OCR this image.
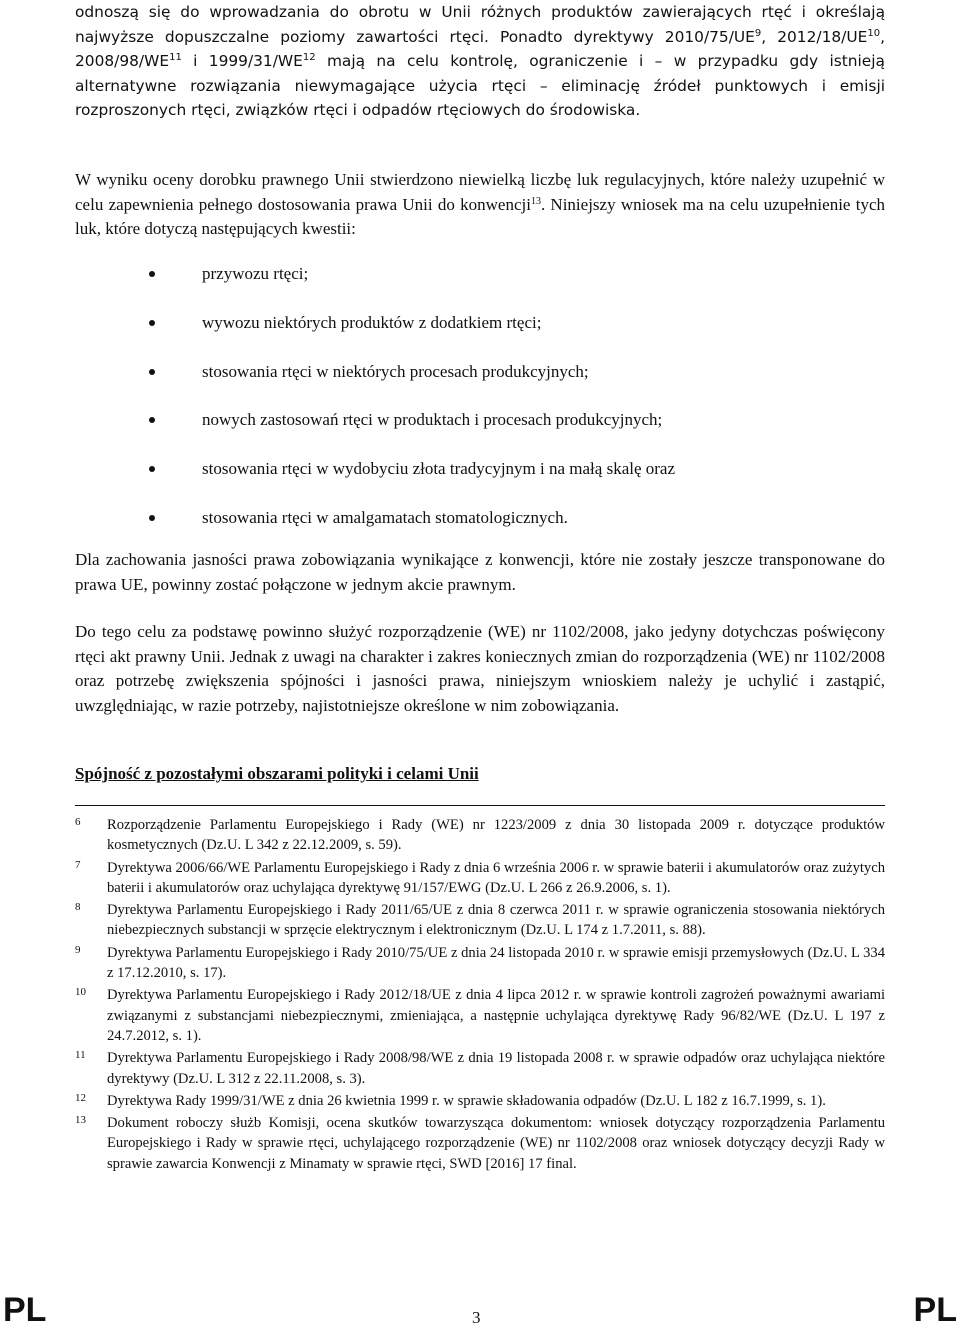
odnoszą się do wprowadzania do obrotu w Unii różnych produktów zawierających rtęć i określają najwyższe dopuszczalne poziomy zawartości rtęci. Ponadto dyrektywy $2010/75/UE^9$, 2012/18/UE$^{10}$, 2008/98/WE$^{11}$ i 1999/31/WE$^{12}$ mają na celu kontrolę, ograniczenie i – w przypadku gdy istnieją alternatywne rozwiązania niewymagające użycia rtęci – eliminację źródeł punktowych i emisji rozproszonych rtęci, związków rtęci i odpadów rtęciowych do środowiska.

W wyniku oceny dorobku prawnego Unii stwierdzono niewielką liczbę luk regulacyjnych, które należy uzupełnić w celu zapewnienia pełnego dostosowania prawa Unii do konwencji$^{13}$. Niniejszy wniosek ma na celu uzupełnienie tych luk, które dotyczą następujących kwestii:

przywozu rtęci;
wywozu niektórych produktów z dodatkiem rtęci;
stosowania rtęci w niektórych procesach produkcyjnych;
nowych zastosowań rtęci w produktach i procesach produkcyjnych;
stosowania rtęci w wydobyciu złota tradycyjnym i na małą skalę oraz
stosowania rtęci w amalgamatach stomatologicznych.

Dla zachowania jasności prawa zobowiązania wynikające z konwencji, które nie zostały jeszcze transponowane do prawa UE, powinny zostać połączone w jednym akcie prawnym.

Do tego celu za podstawę powinno służyć rozporządzenie (WE) nr 1102/2008, jako jedyny dotychczas poświęcony rtęci akt prawny Unii. Jednak z uwagi na charakter i zakres koniecznych zmian do rozporządzenia (WE) nr 1102/2008 oraz potrzebę zwiększenia spójności i jasności prawa, niniejszym wnioskiem należy je uchylić i zastąpić, uwzględniając, w razie potrzeby, najistotniejsze określone w nim zobowiązania.

Spójność z pozostałymi obszarami polityki i celami Unii
6 Rozporządzenie Parlamentu Europejskiego i Rady (WE) nr 1223/2009 z dnia 30 listopada 2009 r. dotyczące produktów kosmetycznych (Dz.U. L 342 z 22.12.2009, s. 59).
7 Dyrektywa 2006/66/WE Parlamentu Europejskiego i Rady z dnia 6 września 2006 r. w sprawie baterii i akumulatorów oraz zużytych baterii i akumulatorów oraz uchylająca dyrektywę 91/157/EWG (Dz.U. L 266 z 26.9.2006, s. 1).
8 Dyrektywa Parlamentu Europejskiego i Rady 2011/65/UE z dnia 8 czerwca 2011 r. w sprawie ograniczenia stosowania niektórych niebezpiecznych substancji w sprzęcie elektrycznym i elektronicznym (Dz.U. L 174 z 1.7.2011, s. 88).
9 Dyrektywa Parlamentu Europejskiego i Rady 2010/75/UE z dnia 24 listopada 2010 r. w sprawie emisji przemysłowych (Dz.U. L 334 z 17.12.2010, s. 17).
10 Dyrektywa Parlamentu Europejskiego i Rady 2012/18/UE z dnia 4 lipca 2012 r. w sprawie kontroli zagrożeń poważnymi awariami związanymi z substancjami niebezpiecznymi, zmieniająca, a następnie uchylająca dyrektywę Rady 96/82/WE (Dz.U. L 197 z 24.7.2012, s. 1).
11 Dyrektywa Parlamentu Europejskiego i Rady 2008/98/WE z dnia 19 listopada 2008 r. w sprawie odpadów oraz uchylająca niektóre dyrektywy (Dz.U. L 312 z 22.11.2008, s. 3).
12 Dyrektywa Rady 1999/31/WE z dnia 26 kwietnia 1999 r. w sprawie składowania odpadów (Dz.U. L 182 z 16.7.1999, s. 1).
13 Dokument roboczy służb Komisji, ocena skutków towarzysząca dokumentom: wniosek dotyczący rozporządzenia Parlamentu Europejskiego i Rady w sprawie rtęci, uchylającego rozporządzenie (WE) nr 1102/2008 oraz wniosek dotyczący decyzji Rady w sprawie zawarcia Konwencji z Minamaty w sprawie rtęci, SWD [2016] 17 final.
PL	3	PL
